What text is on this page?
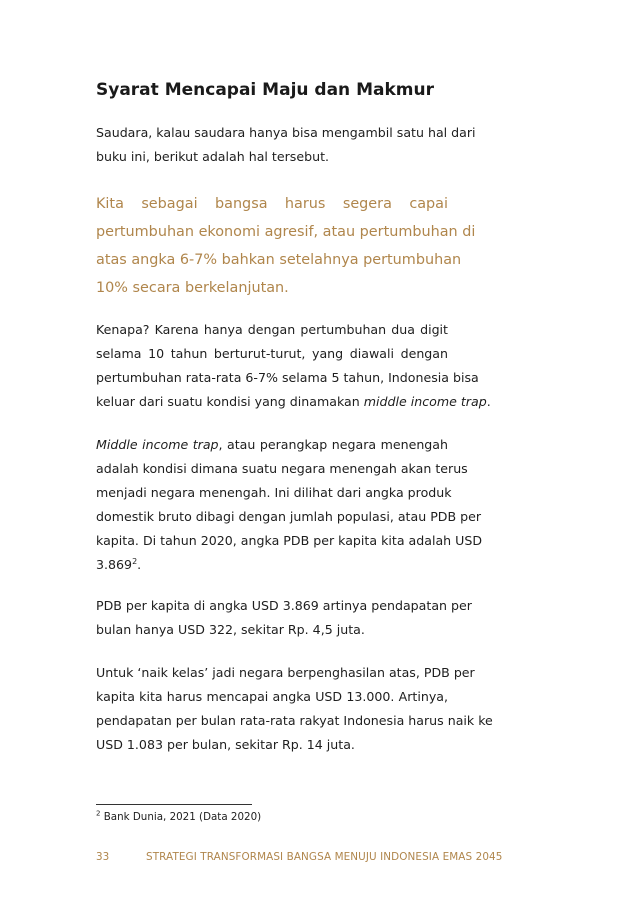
Syarat Mencapai Maju dan Makmur
Saudara, kalau saudara hanya bisa mengambil satu hal dari
buku ini, berikut adalah hal tersebut.
Kita sebagai bangsa harus segera capai
pertumbuhan ekonomi agresif, atau pertumbuhan di
atas angka 6-7% bahkan setelahnya pertumbuhan
10% secara berkelanjutan.
Kenapa? Karena hanya dengan pertumbuhan dua digit
selama 10 tahun berturut-turut, yang diawali dengan
pertumbuhan rata-rata 6-7% selama 5 tahun, Indonesia bisa
keluar dari suatu kondisi yang dinamakan middle income trap.
Middle income trap, atau perangkap negara menengah
adalah kondisi dimana suatu negara menengah akan terus
menjadi negara menengah. Ini dilihat dari angka produk
domestik bruto dibagi dengan jumlah populasi, atau PDB per
kapita. Di tahun 2020, angka PDB per kapita kita adalah USD
3.869$^2$.
PDB per kapita di angka USD 3.869 artinya pendapatan per
bulan hanya USD 322, sekitar Rp. 4,5 juta.
Untuk ‘naik kelas’ jadi negara berpenghasilan atas, PDB per
kapita kita harus mencapai angka USD 13.000. Artinya,
pendapatan per bulan rata-rata rakyat Indonesia harus naik ke
USD 1.083 per bulan, sekitar Rp. 14 juta.
$^2$ Bank Dunia, 2021 (Data 2020)
33	STRATEGI TRANSFORMASI BANGSA MENUJU INDONESIA EMAS 2045
